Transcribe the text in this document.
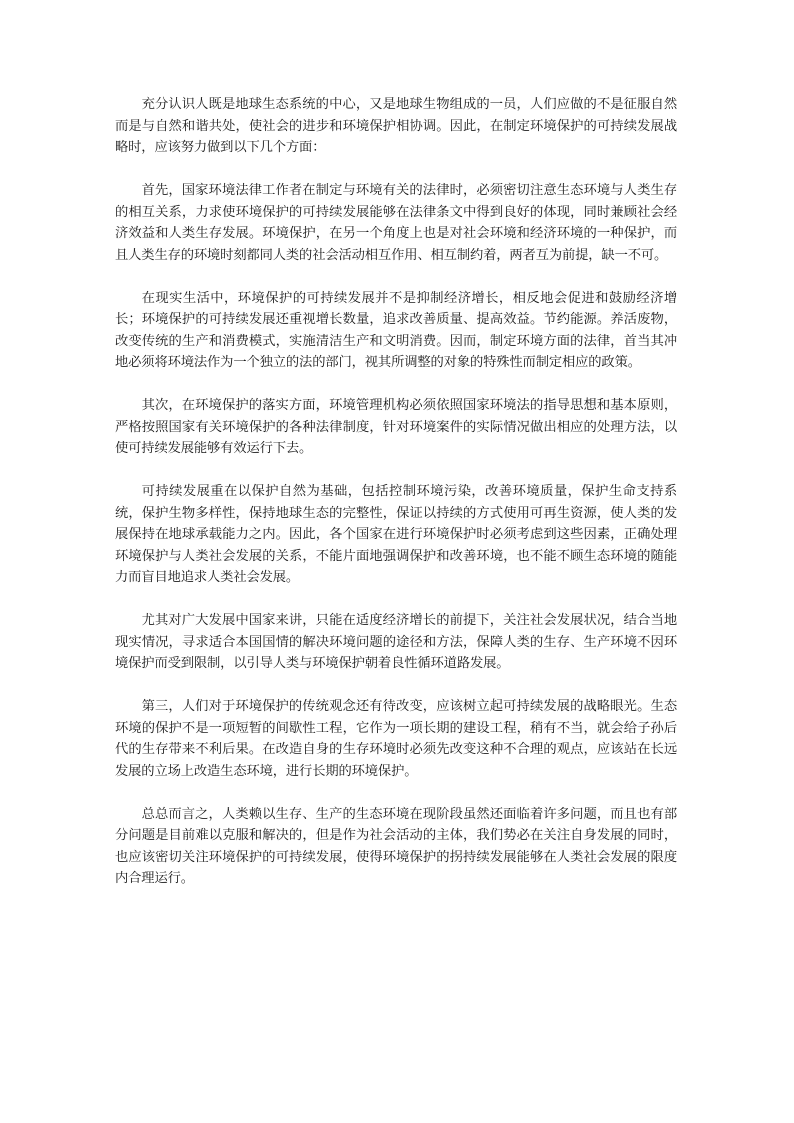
充分认识人既是地球生态系统的中心，又是地球生物组成的一员，人们应做的不是征服自然而是与自然和谐共处，使社会的进步和环境保护相协调。因此，在制定环境保护的可持续发展战略时，应该努力做到以下几个方面：

首先，国家环境法律工作者在制定与环境有关的法律时，必须密切注意生态环境与人类生存的相互关系，力求使环境保护的可持续发展能够在法律条文中得到良好的体现，同时兼顾社会经济效益和人类生存发展。环境保护，在另一个角度上也是对社会环境和经济环境的一种保护，而且人类生存的环境时刻都同人类的社会活动相互作用、相互制约着，两者互为前提，缺一不可。

在现实生活中，环境保护的可持续发展并不是抑制经济增长，相反地会促进和鼓励经济增长；环境保护的可持续发展还重视增长数量，追求改善质量、提高效益。节约能源。养活废物，改变传统的生产和消费模式，实施清洁生产和文明消费。因而，制定环境方面的法律，首当其冲地必须将环境法作为一个独立的法的部门，视其所调整的对象的特殊性而制定相应的政策。

其次，在环境保护的落实方面，环境管理机构必须依照国家环境法的指导思想和基本原则，严格按照国家有关环境保护的各种法律制度，针对环境案件的实际情况做出相应的处理方法，以使可持续发展能够有效运行下去。

可持续发展重在以保护自然为基础，包括控制环境污染，改善环境质量，保护生命支持系统，保护生物多样性，保持地球生态的完整性，保证以持续的方式使用可再生资源，使人类的发展保持在地球承载能力之内。因此，各个国家在进行环境保护时必须考虑到这些因素，正确处理环境保护与人类社会发展的关系，不能片面地强调保护和改善环境，也不能不顾生态环境的随能力而盲目地追求人类社会发展。

尤其对广大发展中国家来讲，只能在适度经济增长的前提下，关注社会发展状况，结合当地现实情况，寻求适合本国国情的解决环境问题的途径和方法，保障人类的生存、生产环境不因环境保护而受到限制，以引导人类与环境保护朝着良性循环道路发展。

第三，人们对于环境保护的传统观念还有待改变，应该树立起可持续发展的战略眼光。生态环境的保护不是一项短暂的间歇性工程，它作为一项长期的建设工程，稍有不当，就会给子孙后代的生存带来不利后果。在改造自身的生存环境时必须先改变这种不合理的观点，应该站在长远发展的立场上改造生态环境，进行长期的环境保护。

总总而言之，人类赖以生存、生产的生态环境在现阶段虽然还面临着许多问题，而且也有部分问题是目前难以克服和解决的，但是作为社会活动的主体，我们势必在关注自身发展的同时，也应该密切关注环境保护的可持续发展，使得环境保护的拐持续发展能够在人类社会发展的限度内合理运行。
